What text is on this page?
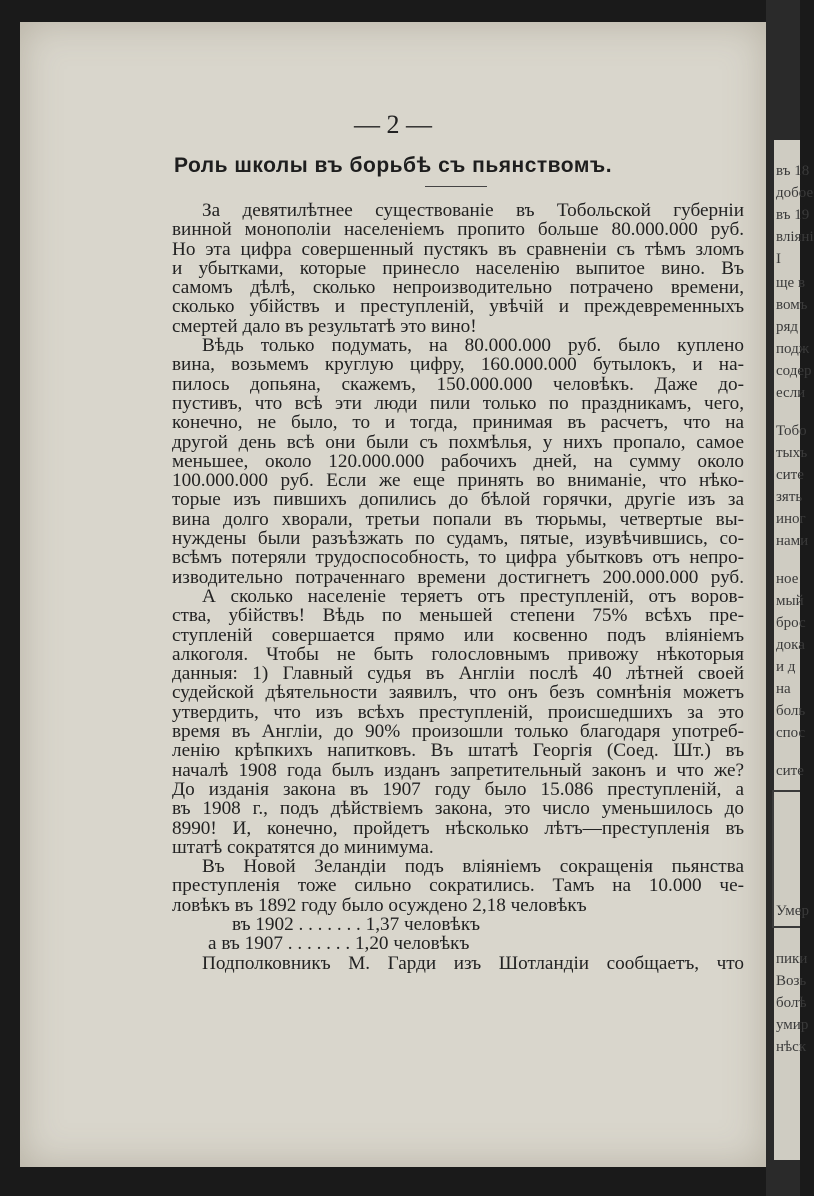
въ 18
добое
въ 19
вліяні
I
ще в
вомъ
ряд
подж
содер
если
Тобо
тыхъ
сите
зять
иног
нами
ное
мый
брос
дока
и д
на
боль
спос
сите
Умер
пики
Возь
болѣ
умир
нѣск
— 2 —
Роль школы въ борьбѣ съ пьянствомъ.
За девятилѣтнее существованіе въ Тобольской губерніи
винной монополіи населеніемъ пропито больше 80.000.000 руб.
Но эта цифра совершенный пустякъ въ сравненіи съ тѣмъ зломъ
и убытками, которые принесло населенію выпитое вино. Въ
самомъ дѣлѣ, сколько непроизводительно потрачено времени,
сколько убійствъ и преступленій, увѣчій и преждевременныхъ
смертей дало въ результатѣ это вино!
Вѣдь только подумать, на 80.000.000 руб. было куплено
вина, возьмемъ круглую цифру, 160.000.000 бутылокъ, и на-
пилось допьяна, скажемъ, 150.000.000 человѣкъ. Даже до-
пустивъ, что всѣ эти люди пили только по праздникамъ, чего,
конечно, не было, то и тогда, принимая въ расчетъ, что на
другой день всѣ они были съ похмѣлья, у нихъ пропало, самое
меньшее, около 120.000.000 рабочихъ дней, на сумму около
100.000.000 руб. Если же еще принять во вниманіе, что нѣко-
торые изъ пившихъ допились до бѣлой горячки, другіе изъ за
вина долго хворали, третьи попали въ тюрьмы, четвертые вы-
нуждены были разъѣзжать по судамъ, пятые, изувѣчившись, со-
всѣмъ потеряли трудоспособность, то цифра убытковъ отъ непро-
изводительно потраченнаго времени достигнетъ 200.000.000 руб.
А сколько населеніе теряетъ отъ преступленій, отъ воров-
ства, убійствъ! Вѣдь по меньшей степени 75% всѣхъ пре-
ступленій совершается прямо или косвенно подъ вліяніемъ
алкоголя. Чтобы не быть голословнымъ привожу нѣкоторыя
данныя: 1) Главный судья въ Англіи послѣ 40 лѣтней своей
судейской дѣятельности заявилъ, что онъ безъ сомнѣнія можетъ
утвердить, что изъ всѣхъ преступленій, происшедшихъ за это
время въ Англіи, до 90% произошли только благодаря употреб-
ленію крѣпкихъ напитковъ. Въ штатѣ Георгія (Соед. Шт.) въ
началѣ 1908 года былъ изданъ запретительный законъ и что же?
До изданія закона въ 1907 году было 15.086 преступленій, а
въ 1908 г., подъ дѣйствіемъ закона, это число уменьшилось до
8990! И, конечно, пройдетъ нѣсколько лѣтъ—преступленія въ
штатѣ сократятся до минимума.
Въ Новой Зеландіи подъ вліяніемъ сокращенія пьянства
преступленія тоже сильно сократились. Тамъ на 10.000 че-
ловѣкъ въ 1892 году было осуждено 2,18 человѣкъ
въ 1902 . . . . . . . 1,37 человѣкъ
а въ 1907 . . . . . . . 1,20 человѣкъ
Подполковникъ М. Гарди изъ Шотландіи сообщаетъ, что
